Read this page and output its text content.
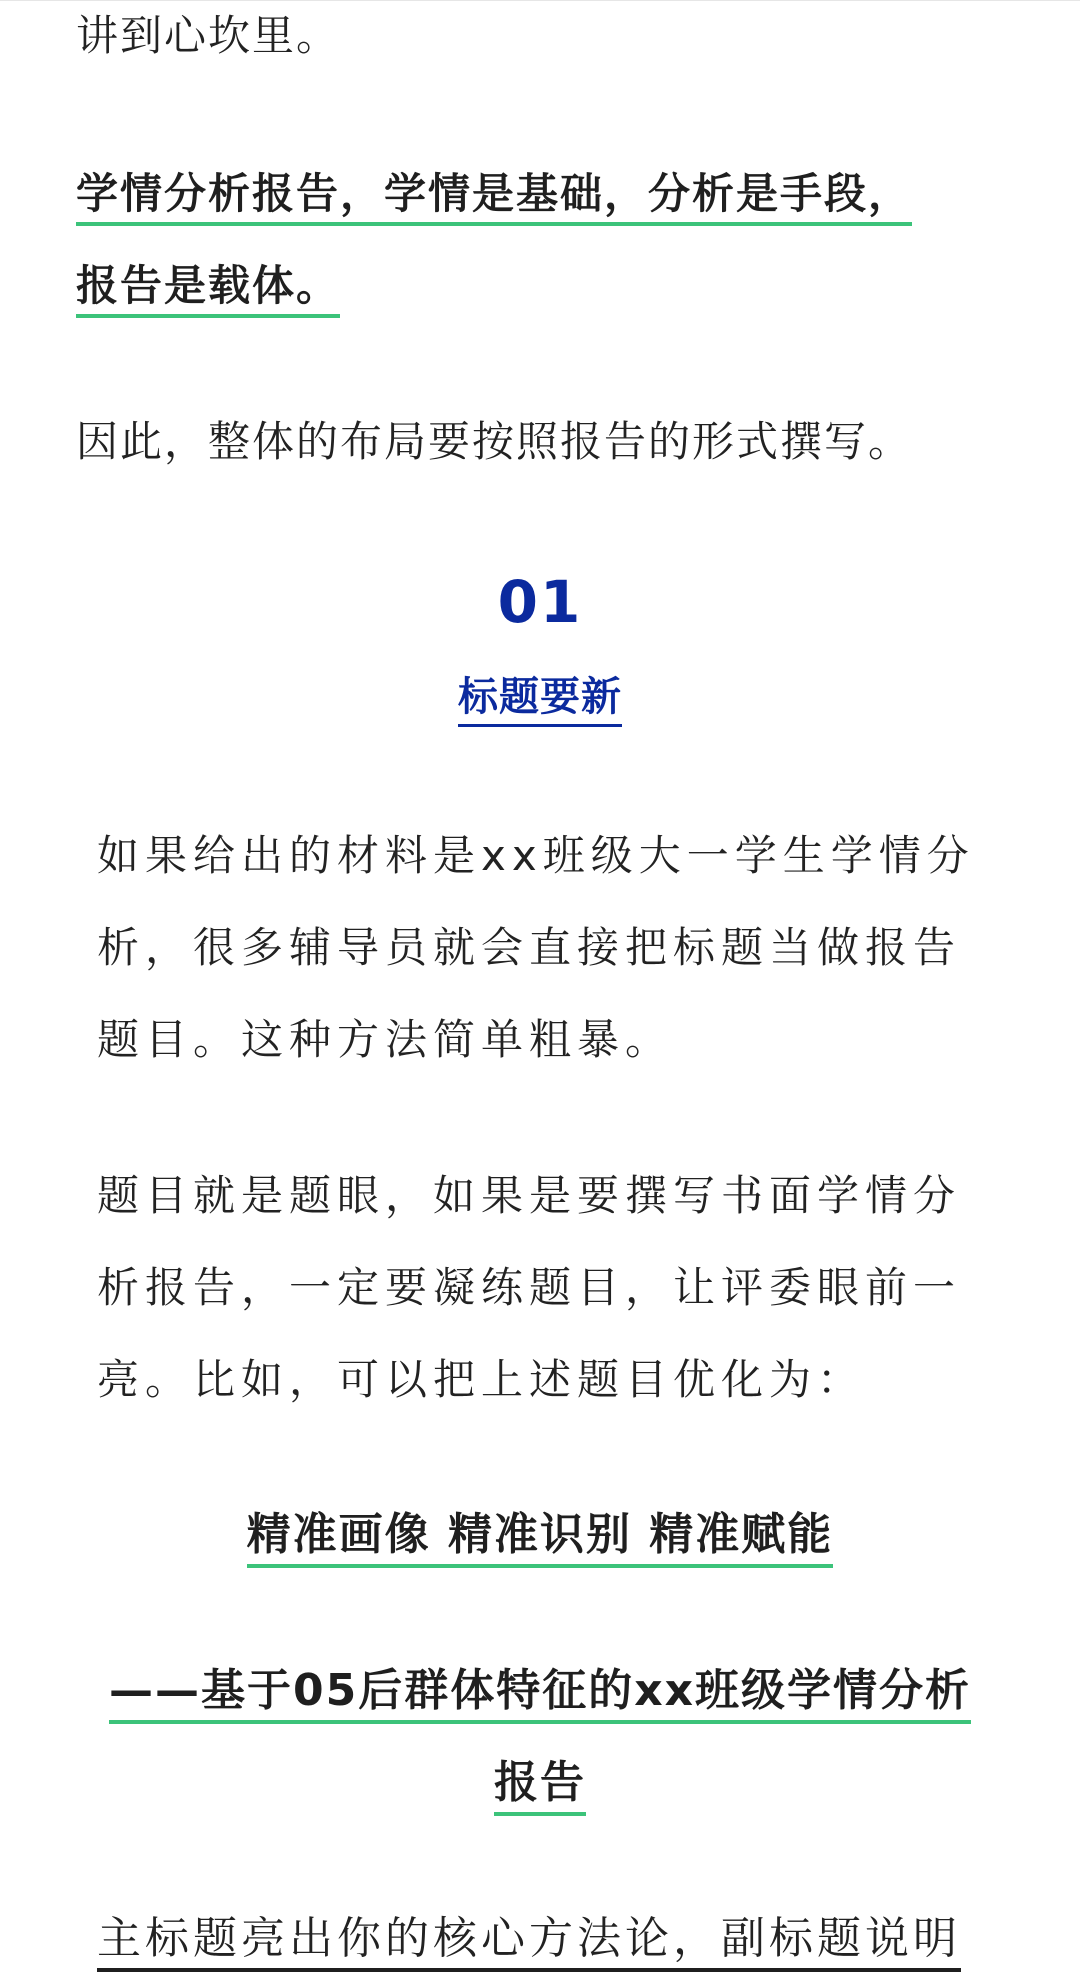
讲到心坎里。
学情分析报告，学情是基础，分析是手段，
报告是载体。
因此，整体的布局要按照报告的形式撰写。
01
标题要新
如果给出的材料是xx班级大一学生学情分
析，很多辅导员就会直接把标题当做报告
题目。这种方法简单粗暴。
题目就是题眼，如果是要撰写书面学情分
析报告，一定要凝练题目，让评委眼前一
亮。比如，可以把上述题目优化为：
精准画像 精准识别 精准赋能
——基于05后群体特征的xx班级学情分析
报告
主标题亮出你的核心方法论，副标题说明
